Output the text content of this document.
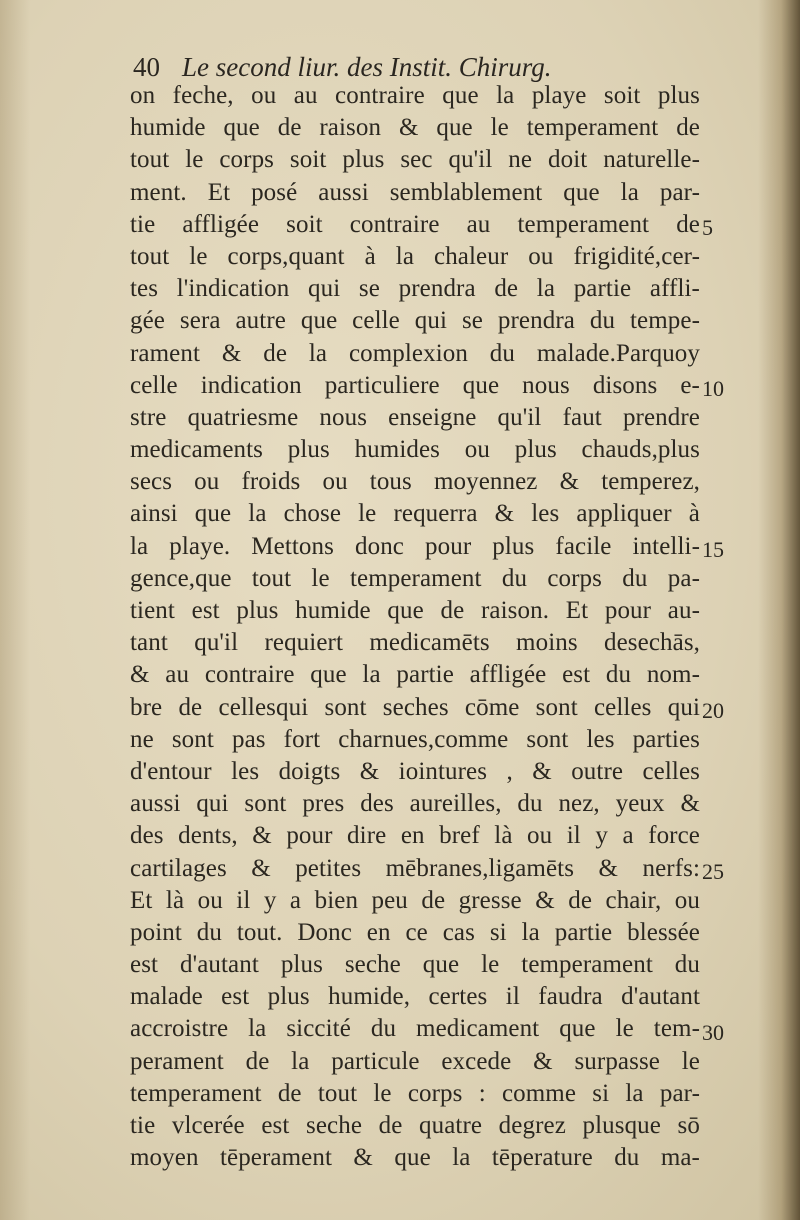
40 Le second liur. des Instit. Chirurg.
on feche, ou au contraire que la playe soit plus
humide que de raison & que le temperament de
tout le corps soit plus sec qu'il ne doit naturelle-
ment. Et posé aussi semblablement que la par-
tie affligée soit contraire au temperament de
tout le corps,quant à la chaleur ou frigidité,cer-
tes l'indication qui se prendra de la partie affli-
gée sera autre que celle qui se prendra du tempe-
rament & de la complexion du malade.Parquoy
celle indication particuliere que nous disons e-
stre quatriesme nous enseigne qu'il faut prendre
medicaments plus humides ou plus chauds,plus
secs ou froids ou tous moyennez & temperez,
ainsi que la chose le requerra & les appliquer à
la playe. Mettons donc pour plus facile intelli-
gence,que tout le temperament du corps du pa-
tient est plus humide que de raison. Et pour au-
tant qu'il requiert medicamēts moins desechās,
& au contraire que la partie affligée est du nom-
bre de cellesqui sont seches cōme sont celles qui
ne sont pas fort charnues,comme sont les parties
d'entour les doigts & iointures , & outre celles
aussi qui sont pres des aureilles, du nez, yeux &
des dents, & pour dire en bref là ou il y a force
cartilages & petites mēbranes,ligamēts & nerfs:
Et là ou il y a bien peu de gresse & de chair, ou
point du tout. Donc en ce cas si la partie blessée
est d'autant plus seche que le temperament du
malade est plus humide, certes il faudra d'autant
accroistre la siccité du medicament que le tem-
perament de la particule excede & surpasse le
temperament de tout le corps : comme si la par-
tie vlcerée est seche de quatre degrez plusque sō
moyen tēperament & que la tēperature du ma-
5
10
15
20
25
30
